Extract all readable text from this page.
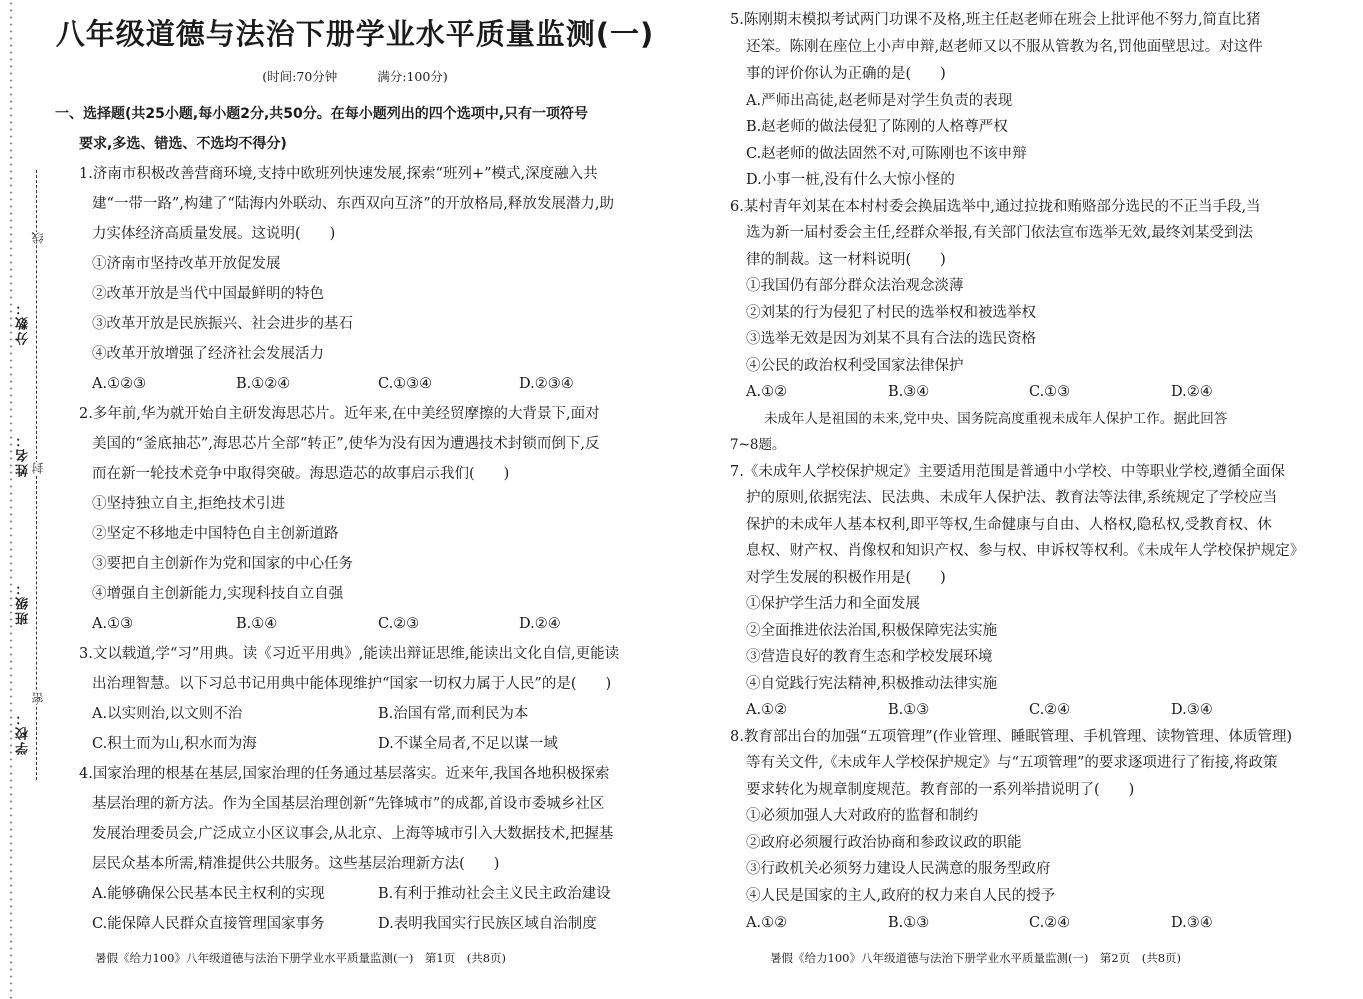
线
封
密
分数：
姓名：
班级：
学校：
八年级道德与法治下册学业水平质量监测(一)
(时间:70分钟	满分:100分)
一、选择题(共25小题,每小题2分,共50分。在每小题列出的四个选项中,只有一项符号
要求,多选、错选、不选均不得分)
1.济南市积极改善营商环境,支持中欧班列快速发展,探索“班列+”模式,深度融入共
建“一带一路”,构建了“陆海内外联动、东西双向互济”的开放格局,释放发展潜力,助
力实体经济高质量发展。这说明(　　)
①济南市坚持改革开放促发展
②改革开放是当代中国最鲜明的特色
③改革开放是民族振兴、社会进步的基石
④改革开放增强了经济社会发展活力
A.①②③	B.①②④	C.①③④	D.②③④
2.多年前,华为就开始自主研发海思芯片。近年来,在中美经贸摩擦的大背景下,面对
美国的“釜底抽芯”,海思芯片全部“转正”,使华为没有因为遭遇技术封锁而倒下,反
而在新一轮技术竞争中取得突破。海思造芯的故事启示我们(　　)
①坚持独立自主,拒绝技术引进
②坚定不移地走中国特色自主创新道路
③要把自主创新作为党和国家的中心任务
④增强自主创新能力,实现科技自立自强
A.①③	B.①④	C.②③	D.②④
3.文以载道,学“习”用典。读《习近平用典》,能读出辩证思维,能读出文化自信,更能读
出治理智慧。以下习总书记用典中能体现维护“国家一切权力属于人民”的是(　　)
A.以实则治,以文则不治	B.治国有常,而利民为本
C.积土而为山,积水而为海	D.不谋全局者,不足以谋一域
4.国家治理的根基在基层,国家治理的任务通过基层落实。近来年,我国各地积极探索
基层治理的新方法。作为全国基层治理创新“先锋城市”的成都,首设市委城乡社区
发展治理委员会,广泛成立小区议事会,从北京、上海等城市引入大数据技术,把握基
层民众基本所需,精准提供公共服务。这些基层治理新方法(　　)
A.能够确保公民基本民主权利的实现	B.有利于推动社会主义民主政治建设
C.能保障人民群众直接管理国家事务	D.表明我国实行民族区域自治制度
暑假《给力100》八年级道德与法治下册学业水平质量监测(一)　第1页　(共8页)
5.陈刚期末模拟考试两门功课不及格,班主任赵老师在班会上批评他不努力,简直比猪
还笨。陈刚在座位上小声申辩,赵老师又以不服从管教为名,罚他面壁思过。对这件
事的评价你认为正确的是(　　)
A.严师出高徒,赵老师是对学生负责的表现
B.赵老师的做法侵犯了陈刚的人格尊严权
C.赵老师的做法固然不对,可陈刚也不该申辩
D.小事一桩,没有什么大惊小怪的
6.某村青年刘某在本村村委会换届选举中,通过拉拢和贿赂部分选民的不正当手段,当
选为新一届村委会主任,经群众举报,有关部门依法宣布选举无效,最终刘某受到法
律的制裁。这一材料说明(　　)
①我国仍有部分群众法治观念淡薄
②刘某的行为侵犯了村民的选举权和被选举权
③选举无效是因为刘某不具有合法的选民资格
④公民的政治权利受国家法律保护
A.①②	B.③④	C.①③	D.②④
未成年人是祖国的未来,党中央、国务院高度重视未成年人保护工作。据此回答
7~8题。
7.《未成年人学校保护规定》主要适用范围是普通中小学校、中等职业学校,遵循全面保
护的原则,依据宪法、民法典、未成年人保护法、教育法等法律,系统规定了学校应当
保护的未成年人基本权利,即平等权,生命健康与自由、人格权,隐私权,受教育权、休
息权、财产权、肖像权和知识产权、参与权、申诉权等权利。《未成年人学校保护规定》
对学生发展的积极作用是(　　)
①保护学生活力和全面发展
②全面推进依法治国,积极保障宪法实施
③营造良好的教育生态和学校发展环境
④自觉践行宪法精神,积极推动法律实施
A.①②	B.①③	C.②④	D.③④
8.教育部出台的加强“五项管理”(作业管理、睡眠管理、手机管理、读物管理、体质管理)
等有关文件,《未成年人学校保护规定》与“五项管理”的要求逐项进行了衔接,将政策
要求转化为规章制度规范。教育部的一系列举措说明了(　　)
①必须加强人大对政府的监督和制约
②政府必须履行政治协商和参政议政的职能
③行政机关必须努力建设人民满意的服务型政府
④人民是国家的主人,政府的权力来自人民的授予
A.①②	B.①③	C.②④	D.③④
暑假《给力100》八年级道德与法治下册学业水平质量监测(一)　第2页　(共8页)
